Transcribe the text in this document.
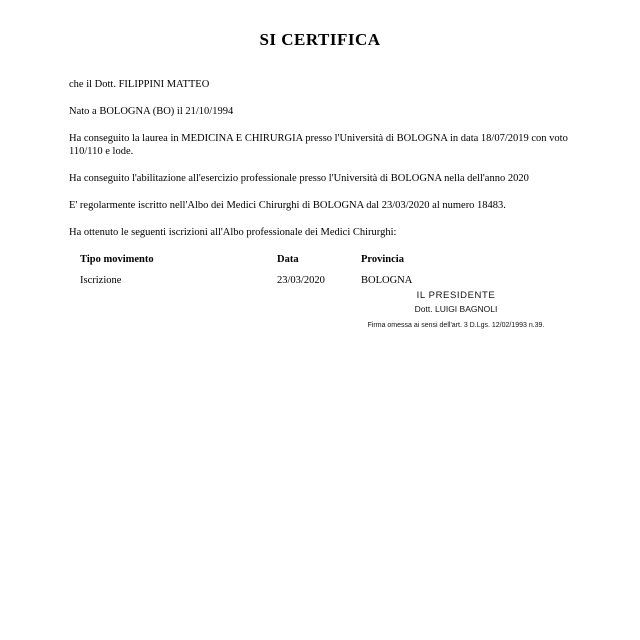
SI CERTIFICA

che il Dott. FILIPPINI MATTEO

Nato a BOLOGNA (BO) il 21/10/1994

Ha conseguito la laurea in MEDICINA E CHIRURGIA presso l'Università di BOLOGNA in data 18/07/2019 con voto 110/110 e lode.

Ha conseguito l'abilitazione all'esercizio professionale presso l'Università di BOLOGNA nella dell'anno 2020

E' regolarmente iscritto nell'Albo dei Medici Chirurghi di BOLOGNA dal 23/03/2020 al numero 18483.

Ha ottenuto le seguenti iscrizioni all'Albo professionale dei Medici Chirurghi:

Tipo movimento	Data	Provincia
Iscrizione	23/03/2020	BOLOGNA
IL PRESIDENTE
Dott. LUIGI BAGNOLI
Firma omessa ai sensi dell'art. 3 D.Lgs. 12/02/1993 n.39.
